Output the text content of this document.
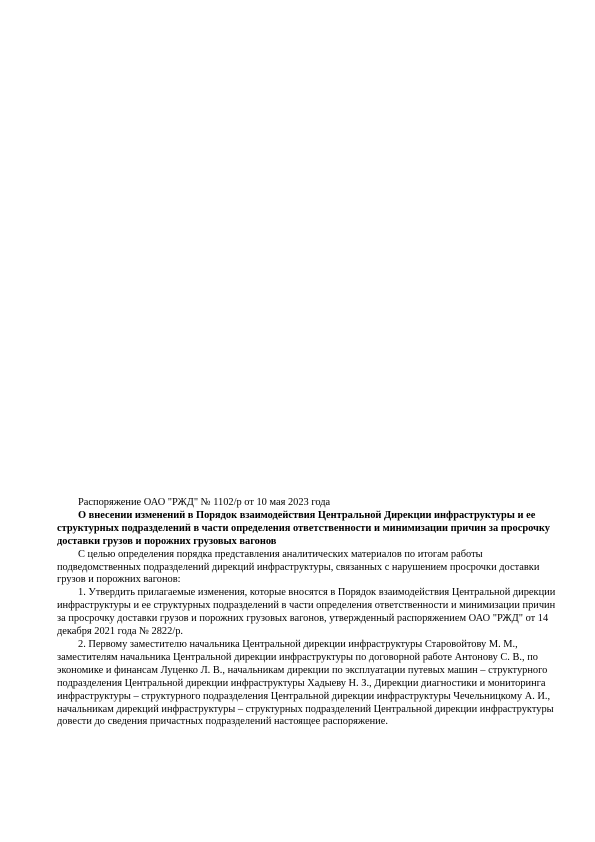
Распоряжение ОАО "РЖД" № 1102/р от 10 мая 2023 года

О внесении изменений в Порядок взаимодействия Центральной Дирекции инфраструктуры и ее структурных подразделений в части определения ответственности и минимизации причин за просрочку доставки грузов и порожних грузовых вагонов

С целью определения порядка представления аналитических материалов по итогам работы подведомственных подразделений дирекций инфраструктуры, связанных с нарушением просрочки доставки грузов и порожних вагонов:

1. Утвердить прилагаемые изменения, которые вносятся в Порядок взаимодействия Центральной дирекции инфраструктуры и ее структурных подразделений в части определения ответственности и минимизации причин за просрочку доставки грузов и порожних грузовых вагонов, утвержденный распоряжением ОАО "РЖД" от 14 декабря 2021 года № 2822/р.

2. Первому заместителю начальника Центральной дирекции инфраструктуры Старовойтову М. М., заместителям начальника Центральной дирекции инфраструктуры по договорной работе Антонову С. В., по экономике и финансам Луценко Л. В., начальникам дирекции по эксплуатации путевых машин – структурного подразделения Центральной дирекции инфраструктуры Хадыеву Н. З., Дирекции диагностики и мониторинга инфраструктуры – структурного подразделения Центральной дирекции инфраструктуры Чечельницкому А. И., начальникам дирекций инфраструктуры – структурных подразделений Центральной дирекции инфраструктуры довести до сведения причастных подразделений настоящее распоряжение.
